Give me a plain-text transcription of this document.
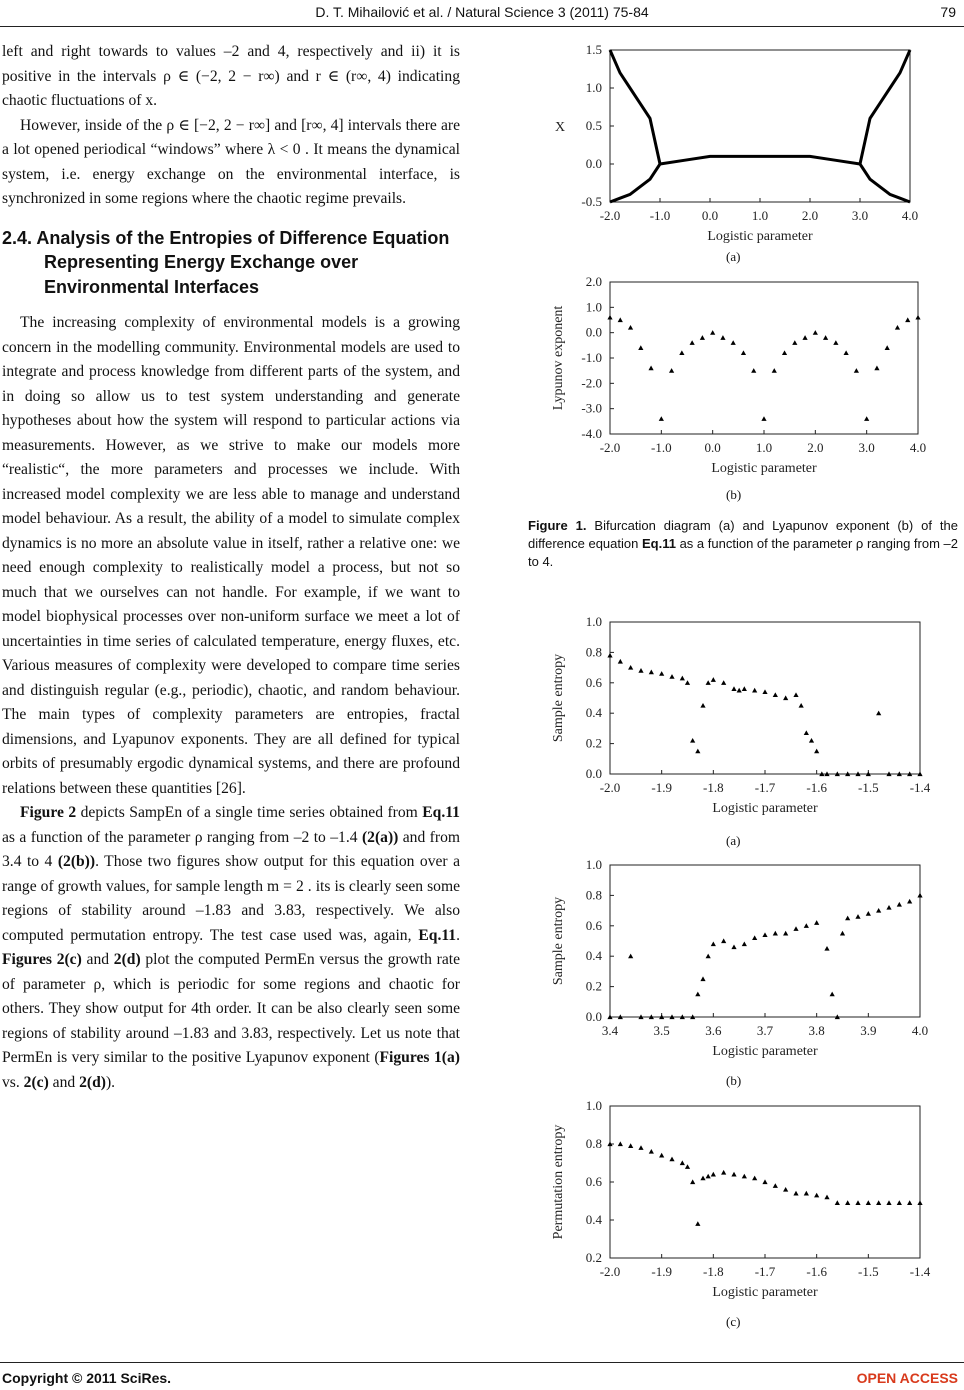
D. T. Mihailović et al. / Natural Science 3 (2011) 75-84	79

left and right towards to values –2 and 4, respectively and ii) it is positive in the intervals ρ ∈ (−2, 2 − r∞) and r ∈ (r∞, 4) indicating chaotic fluctuations of x.

However, inside of the ρ ∈ [−2, 2 − r∞] and [r∞, 4] intervals there are a lot opened periodical “windows” where λ < 0 . It means the dynamical system, i.e. energy exchange on the environmental interface, is synchronized in some regions where the chaotic regime prevails.

2.4. Analysis of the Entropies of Difference Equation Representing Energy Exchange over Environmental Interfaces

The increasing complexity of environmental models is a growing concern in the modelling community. Environmental models are used to integrate and process knowledge from different parts of the system, and in doing so allow us to test system understanding and generate hypotheses about how the system will respond to particular actions via measurements. However, as we strive to make our models more “realistic“, the more parameters and processes we include. With increased model complexity we are less able to manage and understand model behaviour. As a result, the ability of a model to simulate complex dynamics is no more an absolute value in itself, rather a relative one: we need enough complexity to realistically model a process, but not so much that we ourselves can not handle. For example, if we want to model biophysical processes over non-uniform surface we meet a lot of uncertainties in time series of calculated temperature, energy fluxes, etc. Various measures of complexity were developed to compare time series and distinguish regular (e.g., periodic), chaotic, and random behaviour. The main types of complexity parameters are entropies, fractal dimensions, and Lyapunov exponents. They are all defined for typical orbits of presumably ergodic dynamical systems, and there are profound relations between these quantities [26].

Figure 2 depicts SampEn of a single time series obtained from Eq.11 as a function of the parameter ρ ranging from –2 to –1.4 (2(a)) and from 3.4 to 4 (2(b)). Those two figures show output for this equation over a range of growth values, for sample length m = 2 . its is clearly seen some regions of stability around –1.83 and 3.83, respectively. We also computed permutation entropy. The test case used was, again, Eq.11. Figures 2(c) and 2(d) plot the computed PermEn versus the growth rate of parameter ρ, which is periodic for some regions and chaotic for others. They show output for 4th order. It can be also clearly seen some regions of stability around –1.83 and 3.83, respectively. Let us note that PermEn is very similar to the positive Lyapunov exponent (Figures 1(a) vs. 2(c) and 2(d)).

-2.0 -1.0 0.0	1.0	2.0	3.0	4.0
-0.5
0.0
0.5
1.0
1.5
Logistic parameter
X
(a)
-2.0 -1.0	0.0	1.0	2.0	3.0	4.0
-4.0
-3.0
-2.0
-1.0
0.0
1.0
2.0
Logistic parameter
Lypunov exponent
(b)
Figure 1. Bifurcation diagram (a) and Lyapunov exponent (b) of the difference equation Eq.11 as a function of the parameter ρ ranging from –2 to 4.
-2.0 -1.9 -1.8 -1.7 -1.6 -1.5 -1.4
0.0
0.2
0.4
0.6
0.8
1.0
Logistic parameter
Sample entropy
(a)
3.4	3.5	3.6	3.7	3.8	3.9	4.0
0.0
0.2
0.4
0.6
0.8
1.0
Logistic parameter
Sample entropy
(b)
-2.0 -1.9 -1.8 -1.7 -1.6 -1.5 -1.4
0.2
0.4
0.6
0.8
1.0
Logistic parameter
Permutation entropy
(c)
Copyright © 2011 SciRes.	OPEN ACCESS
